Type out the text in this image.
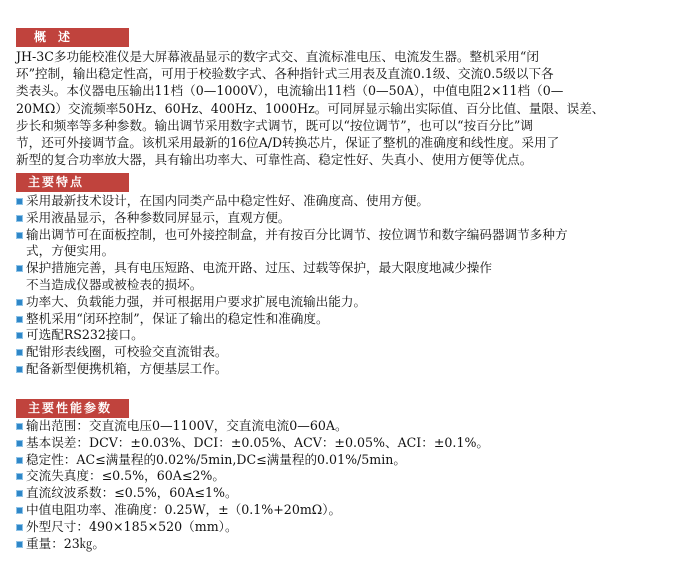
概述

JH-3C多功能校准仪是大屏幕液晶显示的数字式交、直流标准电压、电流发生器。整机采用“闭
环”控制，输出稳定性高，可用于校验数字式、各种指针式三用表及直流0.1级、交流0.5级以下各
类表头。本仪器电压输出11档（0—1000V），电流输出11档（0—50A），中值电阻2×11档（0—
20MΩ）交流频率50Hz、60Hz、400Hz、1000Hz。可同屏显示输出实际值、百分比值、量限、误差、
步长和频率等多种参数。输出调节采用数字式调节，既可以“按位调节”，也可以“按百分比”调
节，还可外接调节盒。该机采用最新的16位A/D转换芯片，保证了整机的准确度和线性度。采用了
新型的复合功率放大器，具有输出功率大、可靠性高、稳定性好、失真小、使用方便等优点。

主要特点
采用最新技术设计，在国内同类产品中稳定性好、准确度高、使用方便。
采用液晶显示，各种参数同屏显示，直观方便。
输出调节可在面板控制，也可外接控制盒，并有按百分比调节、按位调节和数字编码器调节多种方
式，方便实用。
保护措施完善，具有电压短路、电流开路、过压、过载等保护，最大限度地减少操作
不当造成仪器或被检表的损坏。
功率大、负载能力强，并可根据用户要求扩展电流输出能力。
整机采用“闭环控制”，保证了输出的稳定性和准确度。
可选配RS232接口。
配钳形表线圈，可校验交直流钳表。
配备新型便携机箱，方便基层工作。
主要性能参数
输出范围：交直流电压0—1100V，交直流电流0—60A。
基本误差：DCV：±0.03%、DCI：±0.05%、ACV：±0.05%、ACI：±0.1%。
稳定性：AC≤满量程的0.02%/5min,DC≤满量程的0.01%/5min。
交流失真度：≤0.5%，60A≤2%。
直流纹波系数：≤0.5%，60A≤1%。
中值电阻功率、准确度：0.25W，±（0.1%+20mΩ）。
外型尺寸：490×185×520（mm）。
重量：23㎏。
